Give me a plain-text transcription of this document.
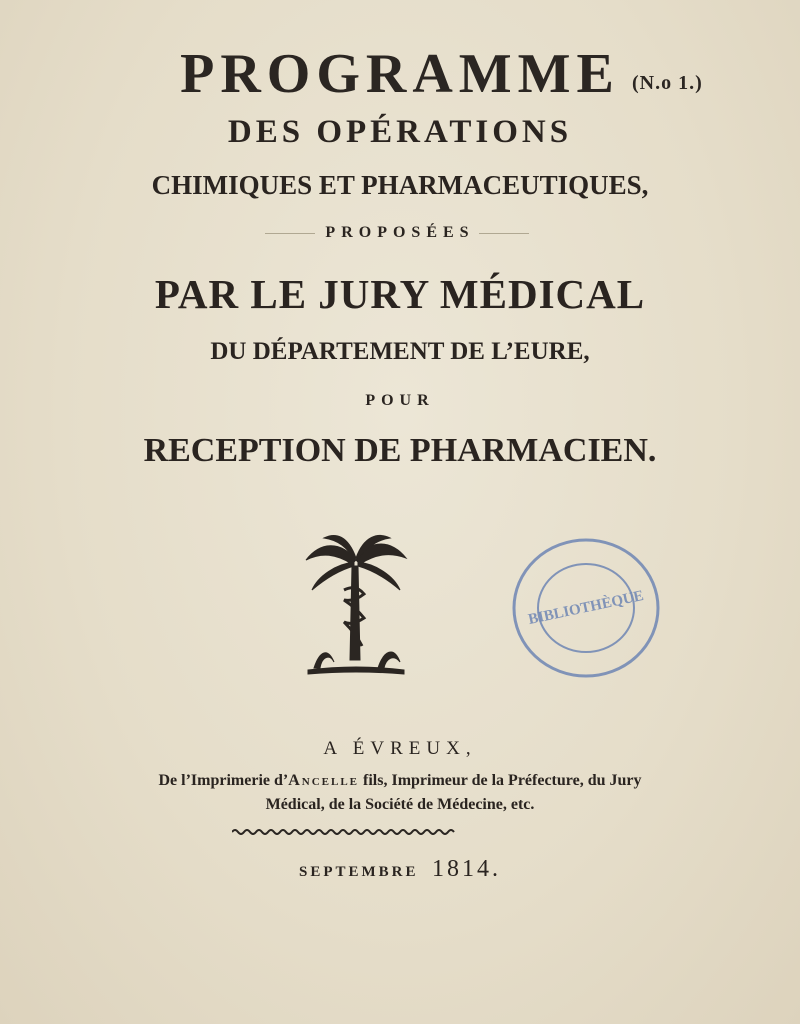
PROGRAMME (N.o 1.)
DES OPÉRATIONS
CHIMIQUES ET PHARMACEUTIQUES,
PROPOSÉES
PAR LE JURY MÉDICAL
DU DÉPARTEMENT DE L’EURE,
POUR
RECEPTION DE PHARMACIEN.
BIBLIOTHÈQUE
A ÉVREUX,
De l’Imprimerie d’Ancelle fils, Imprimeur de la Préfecture, du Jury
Médical, de la Société de Médecine, etc.
SEPTEMBRE 1814.
